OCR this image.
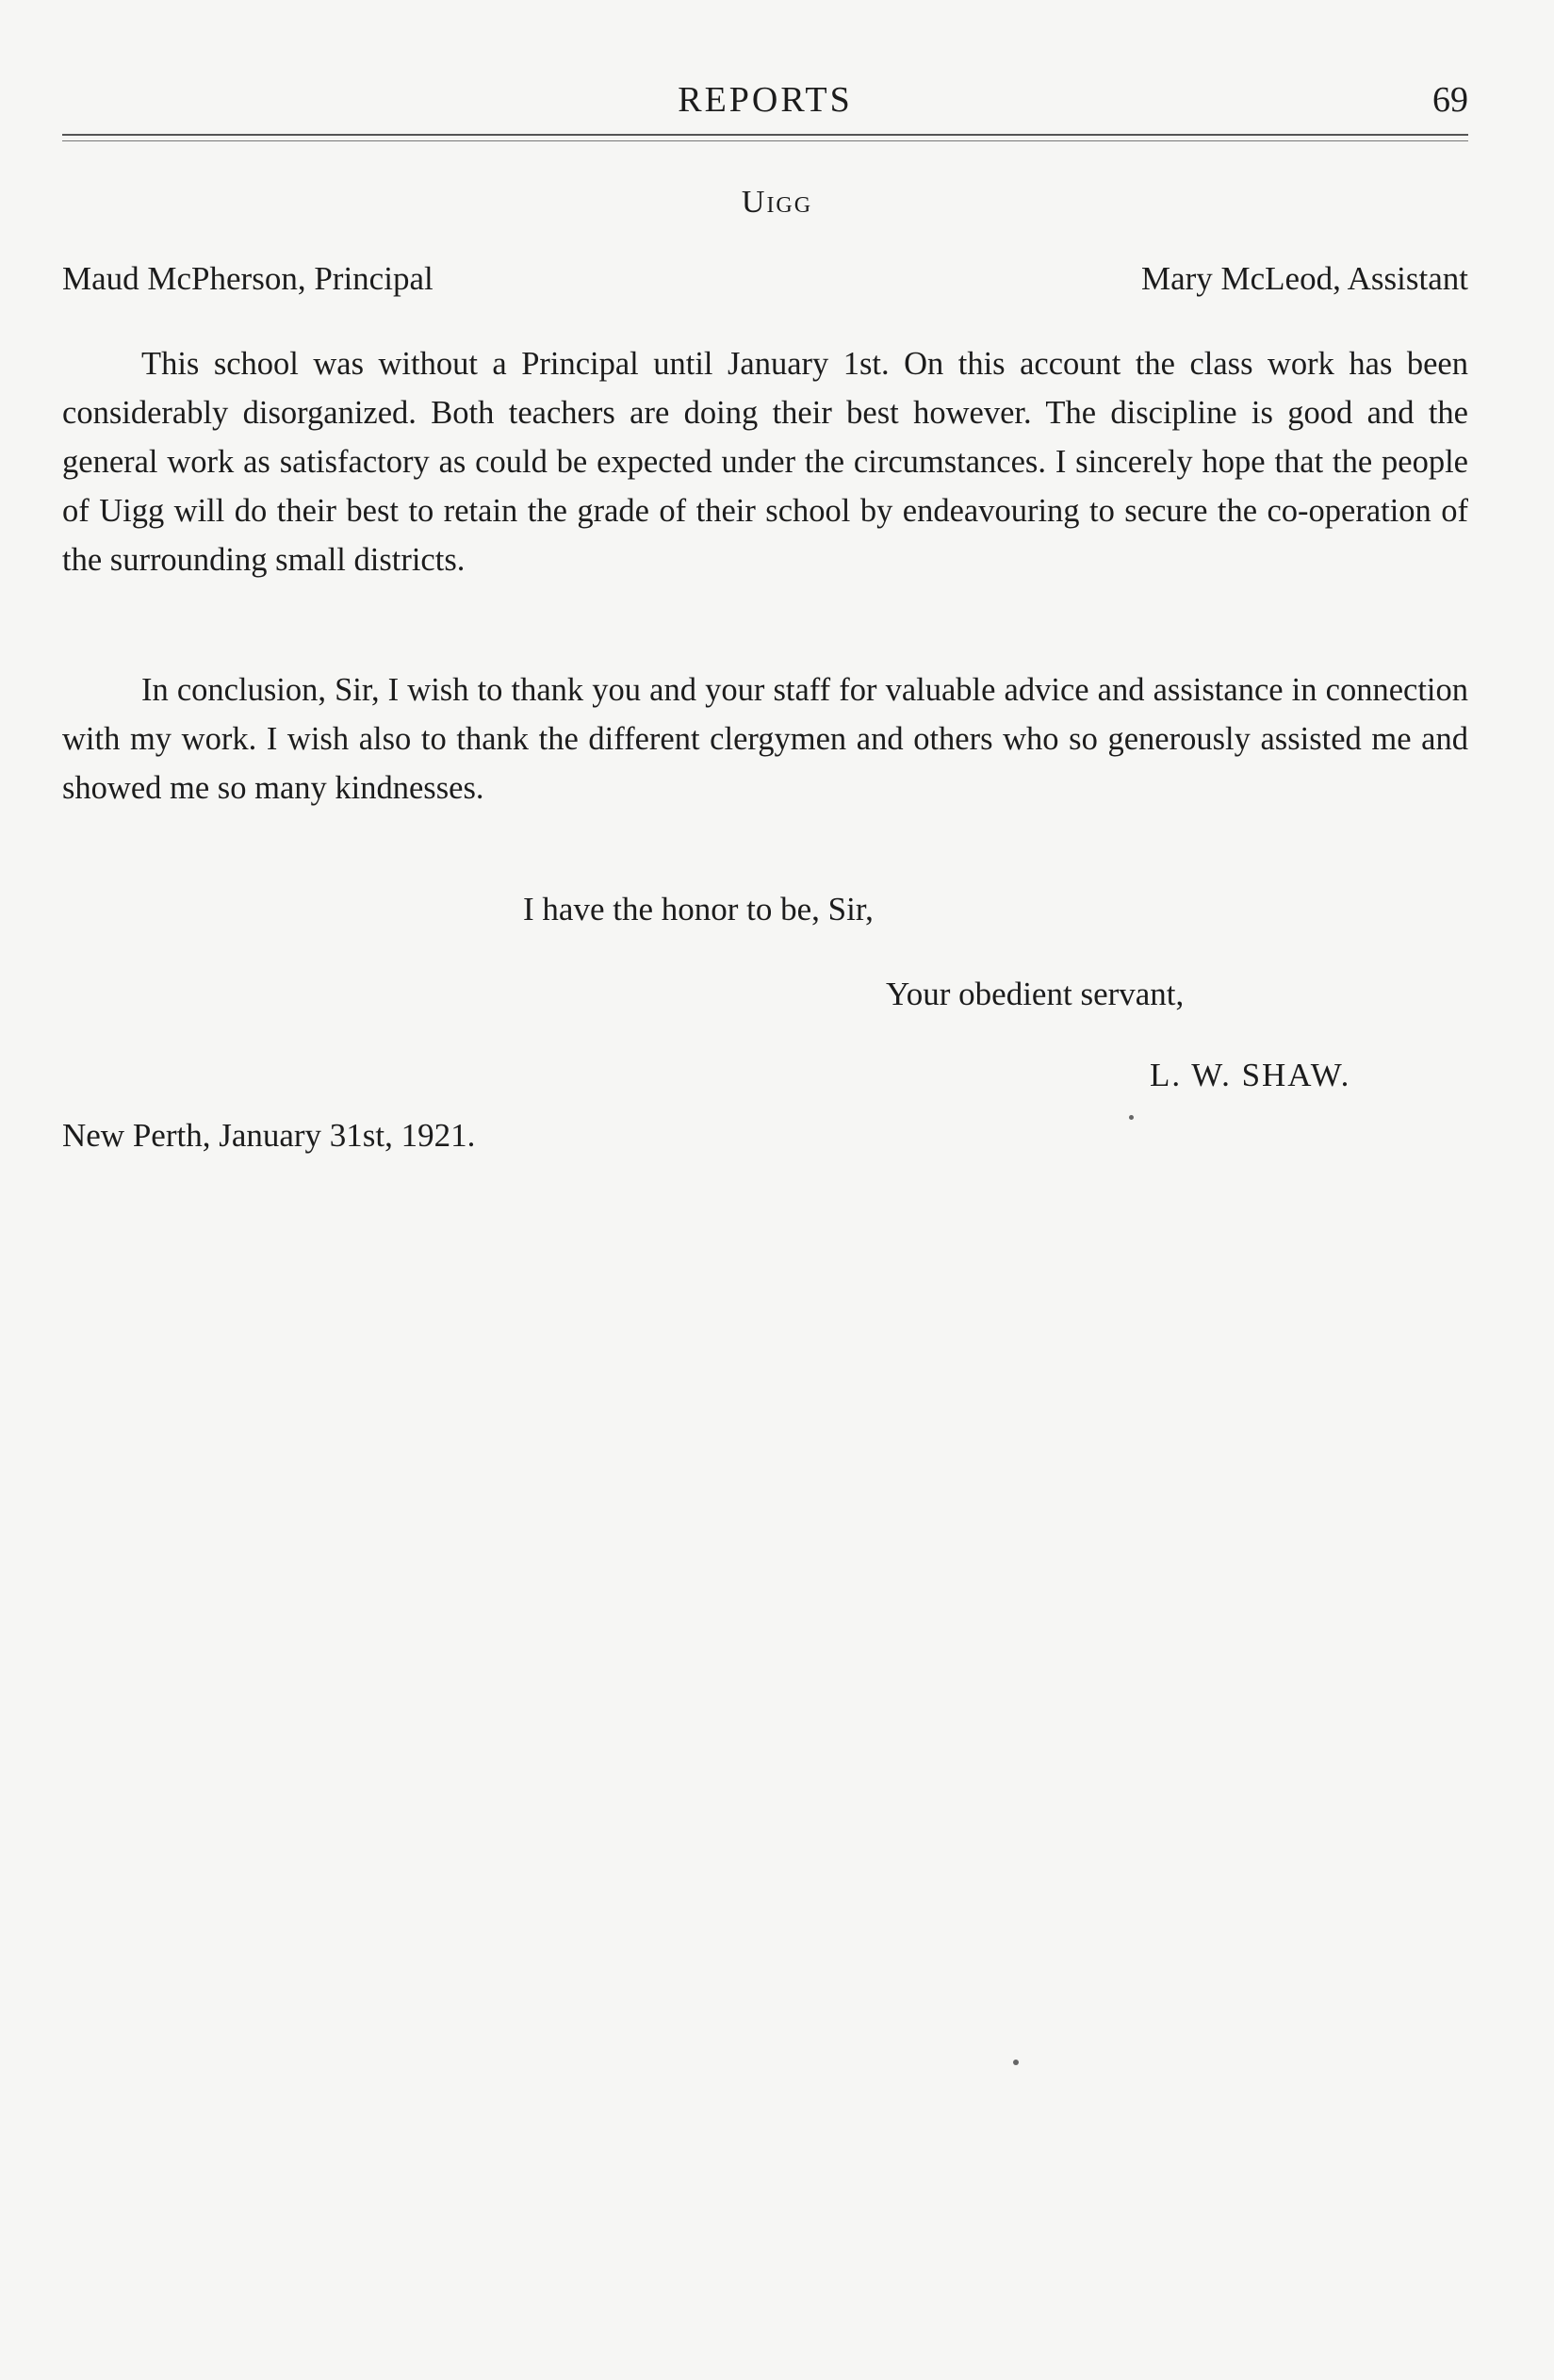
REPORTS	69
Uigg
Maud McPherson, Principal	Mary McLeod, Assistant

This school was without a Principal until January 1st. On this account the class work has been considerably disorganized. Both teachers are doing their best however. The discipline is good and the general work as satisfactory as could be expected under the circumstances. I sincerely hope that the people of Uigg will do their best to retain the grade of their school by endeavouring to secure the co-operation of the surrounding small districts.

In conclusion, Sir, I wish to thank you and your staff for valuable advice and assistance in connection with my work. I wish also to thank the different clergymen and others who so generously assisted me and showed me so many kindnesses.

I have the honor to be, Sir,
Your obedient servant,
L. W. SHAW.
New Perth, January 31st, 1921.
